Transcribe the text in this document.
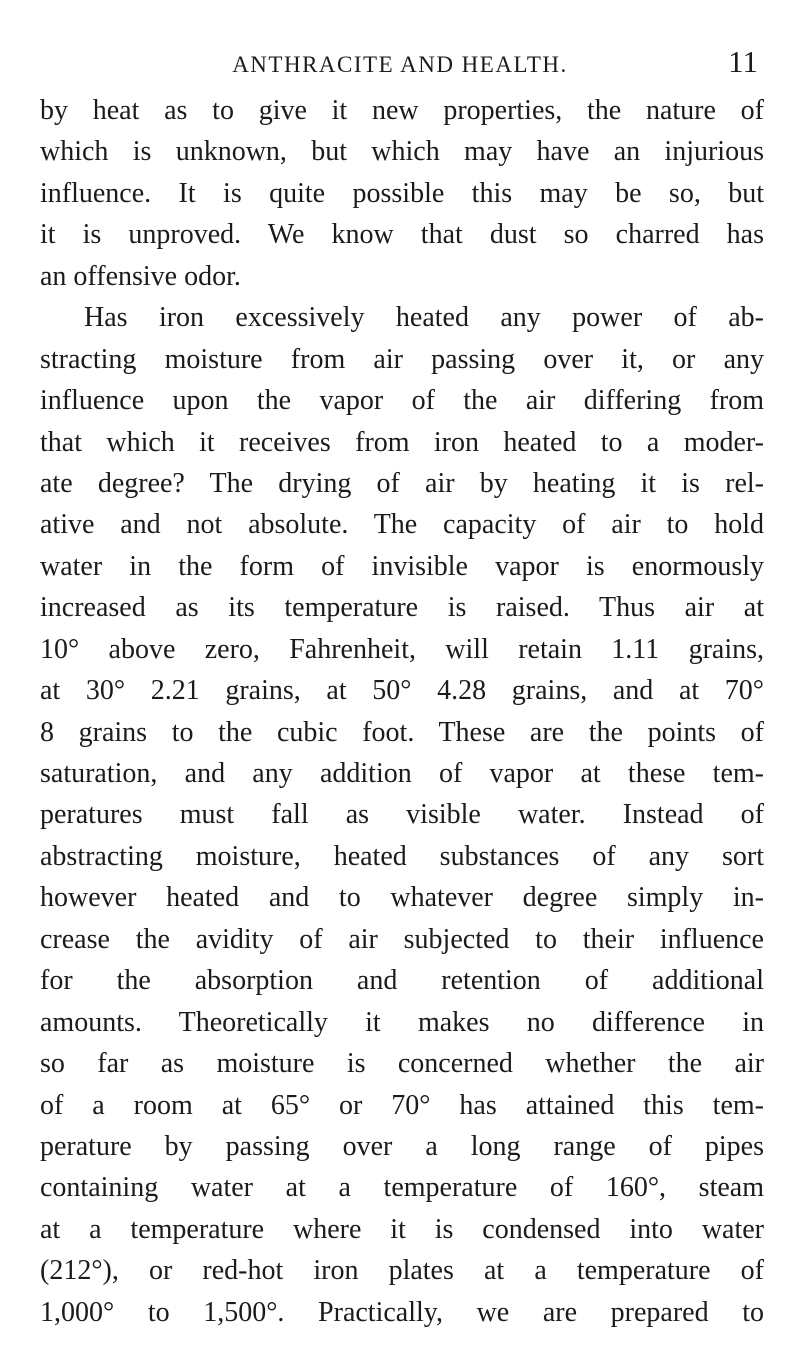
ANTHRACITE AND HEALTH.	11
by heat as to give it new properties, the nature of
which is unknown, but which may have an injurious
influence. It is quite possible this may be so, but
it is unproved. We know that dust so charred has
an offensive odor.
Has iron excessively heated any power of ab-
stracting moisture from air passing over it, or any
influence upon the vapor of the air differing from
that which it receives from iron heated to a moder-
ate degree? The drying of air by heating it is rel-
ative and not absolute. The capacity of air to hold
water in the form of invisible vapor is enormously
increased as its temperature is raised. Thus air at
10° above zero, Fahrenheit, will retain 1.11 grains,
at 30° 2.21 grains, at 50° 4.28 grains, and at 70°
8 grains to the cubic foot. These are the points of
saturation, and any addition of vapor at these tem-
peratures must fall as visible water. Instead of
abstracting moisture, heated substances of any sort
however heated and to whatever degree simply in-
crease the avidity of air subjected to their influence
for the absorption and retention of additional
amounts. Theoretically it makes no difference in
so far as moisture is concerned whether the air
of a room at 65° or 70° has attained this tem-
perature by passing over a long range of pipes
containing water at a temperature of 160°, steam
at a temperature where it is condensed into water
(212°), or red-hot iron plates at a temperature of
1,000° to 1,500°. Practically, we are prepared to
